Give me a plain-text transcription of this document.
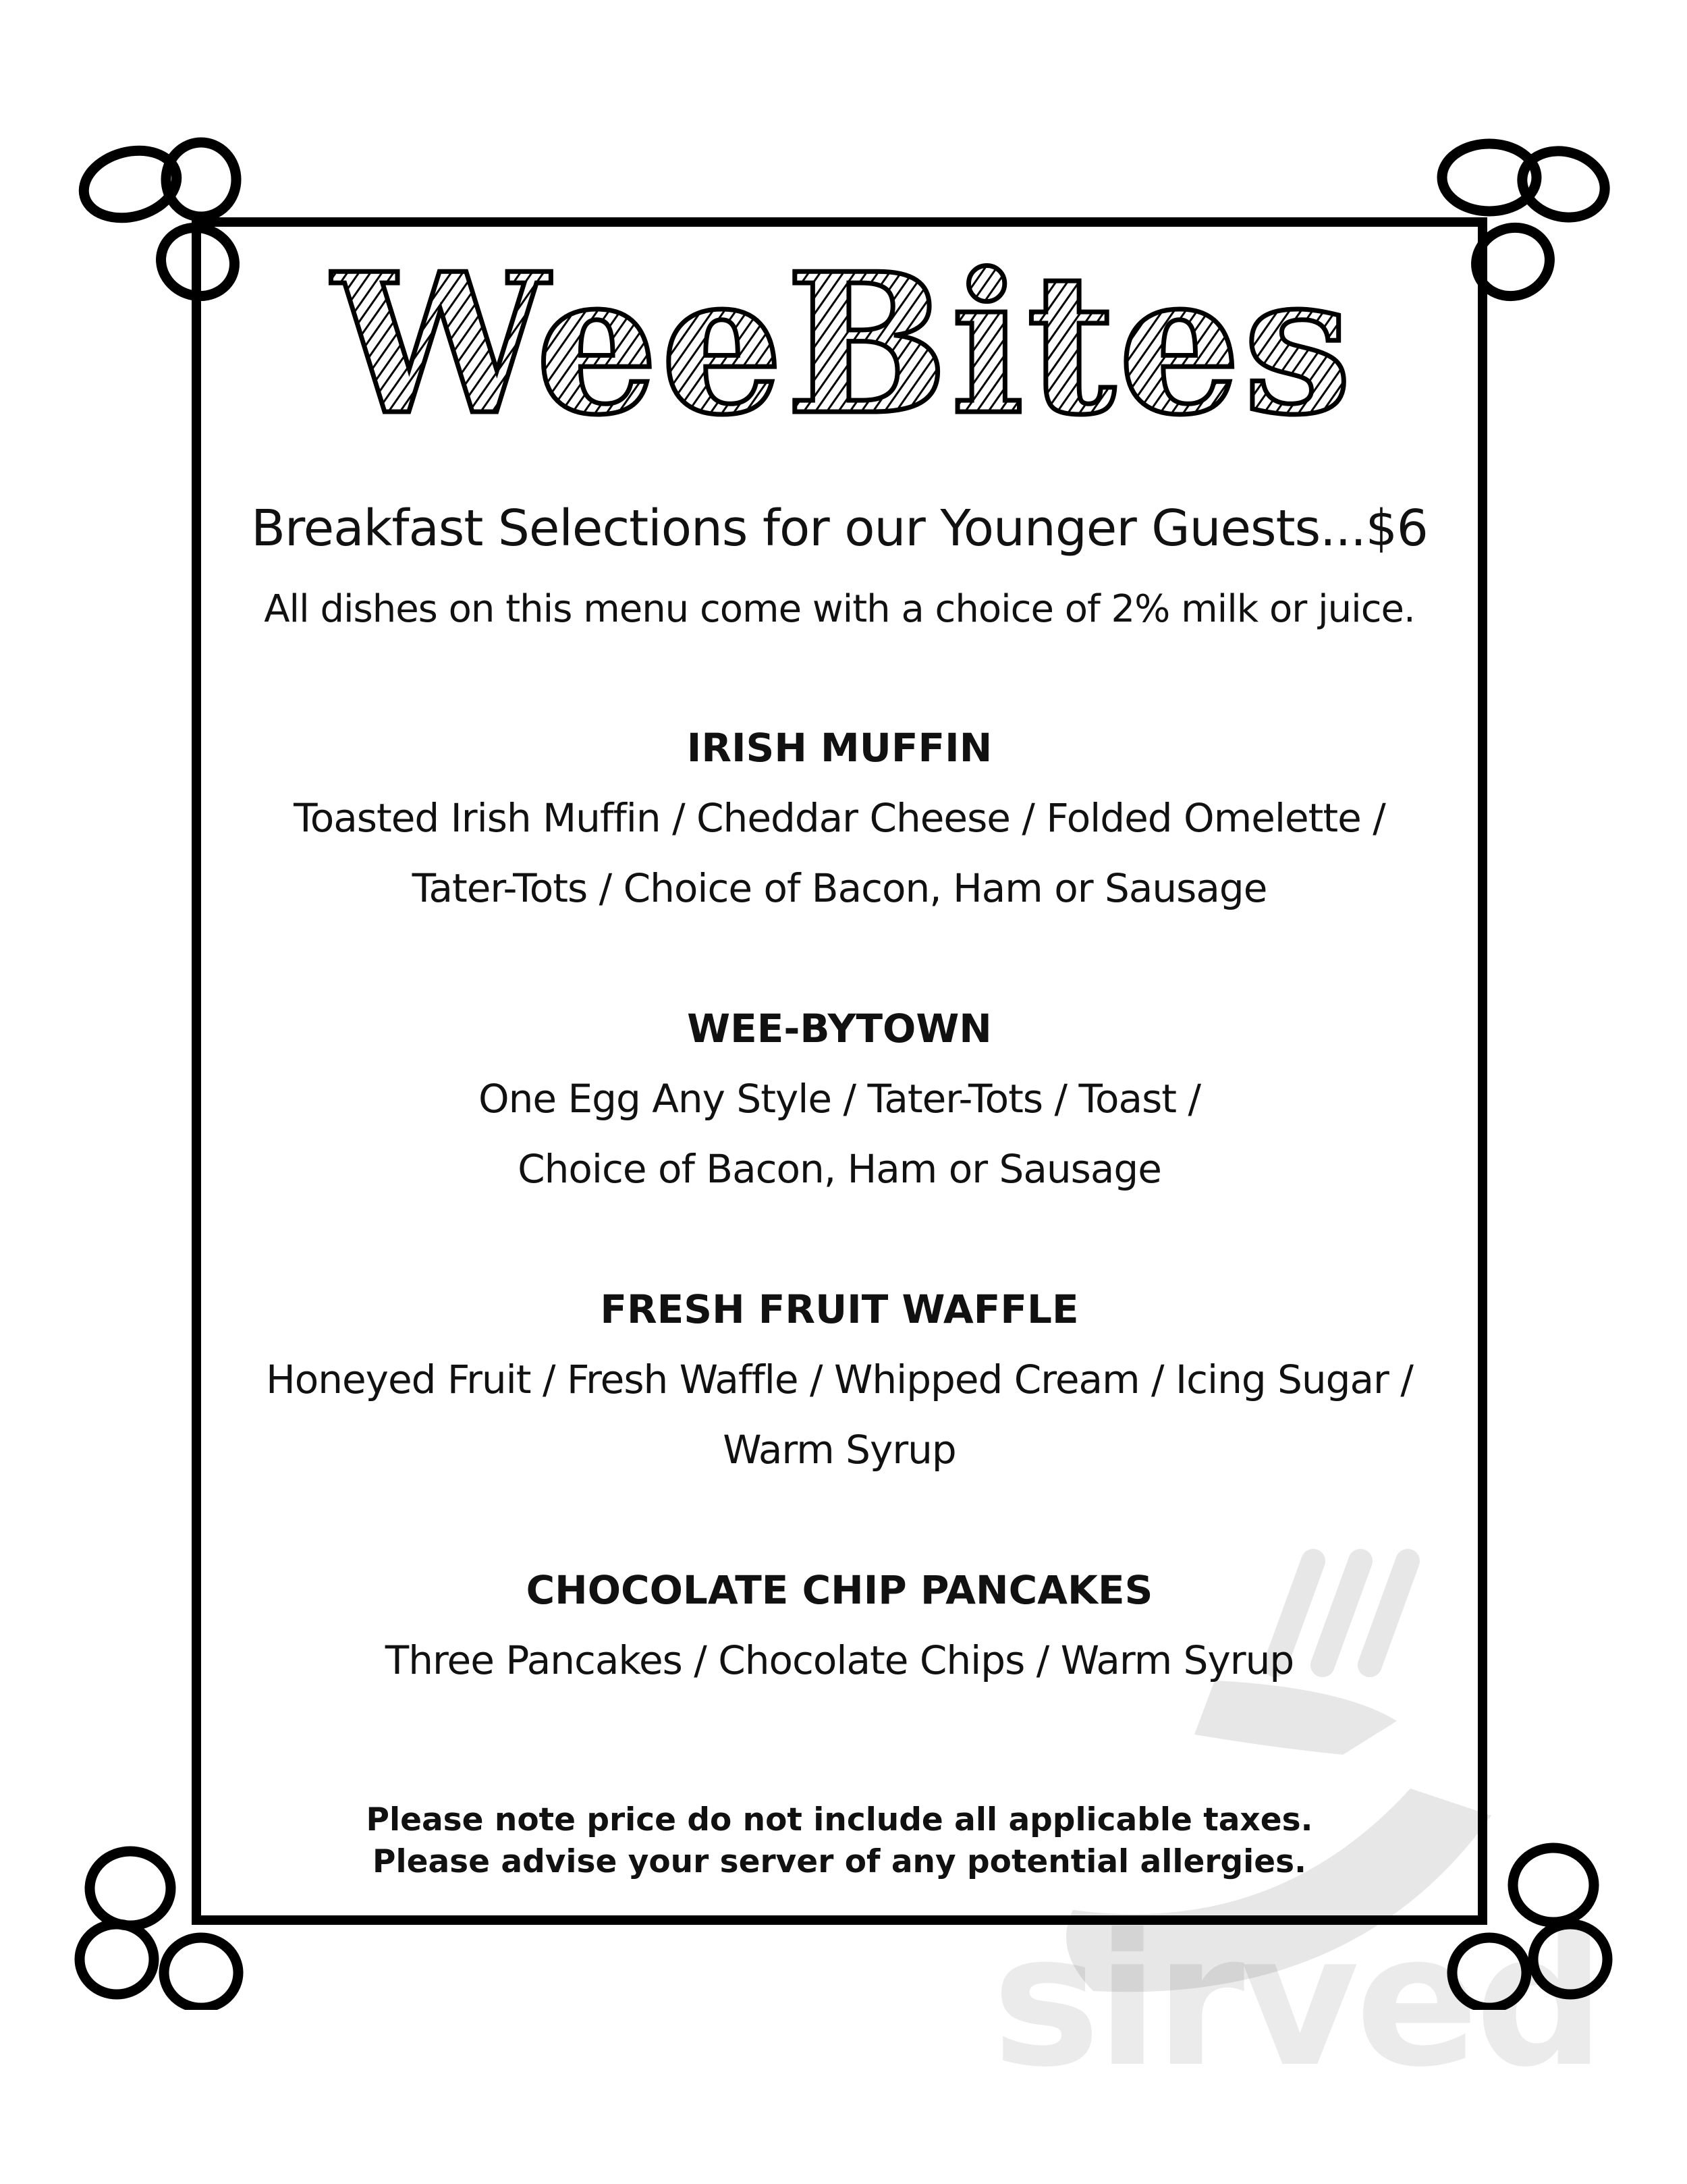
WeeBites
Breakfast Selections for our Younger Guests...$6
All dishes on this menu come with a choice of 2% milk or juice.
IRISH MUFFIN
Toasted Irish Muffin / Cheddar Cheese / Folded Omelette /
Tater-Tots / Choice of Bacon, Ham or Sausage
WEE-BYTOWN
One Egg Any Style / Tater-Tots / Toast /
Choice of Bacon, Ham or Sausage
FRESH FRUIT WAFFLE
Honeyed Fruit / Fresh Waffle / Whipped Cream / Icing Sugar /
Warm Syrup
CHOCOLATE CHIP PANCAKES
Three Pancakes / Chocolate Chips / Warm Syrup
Please note price do not include all applicable taxes.
Please advise your server of any potential allergies.
sirved
